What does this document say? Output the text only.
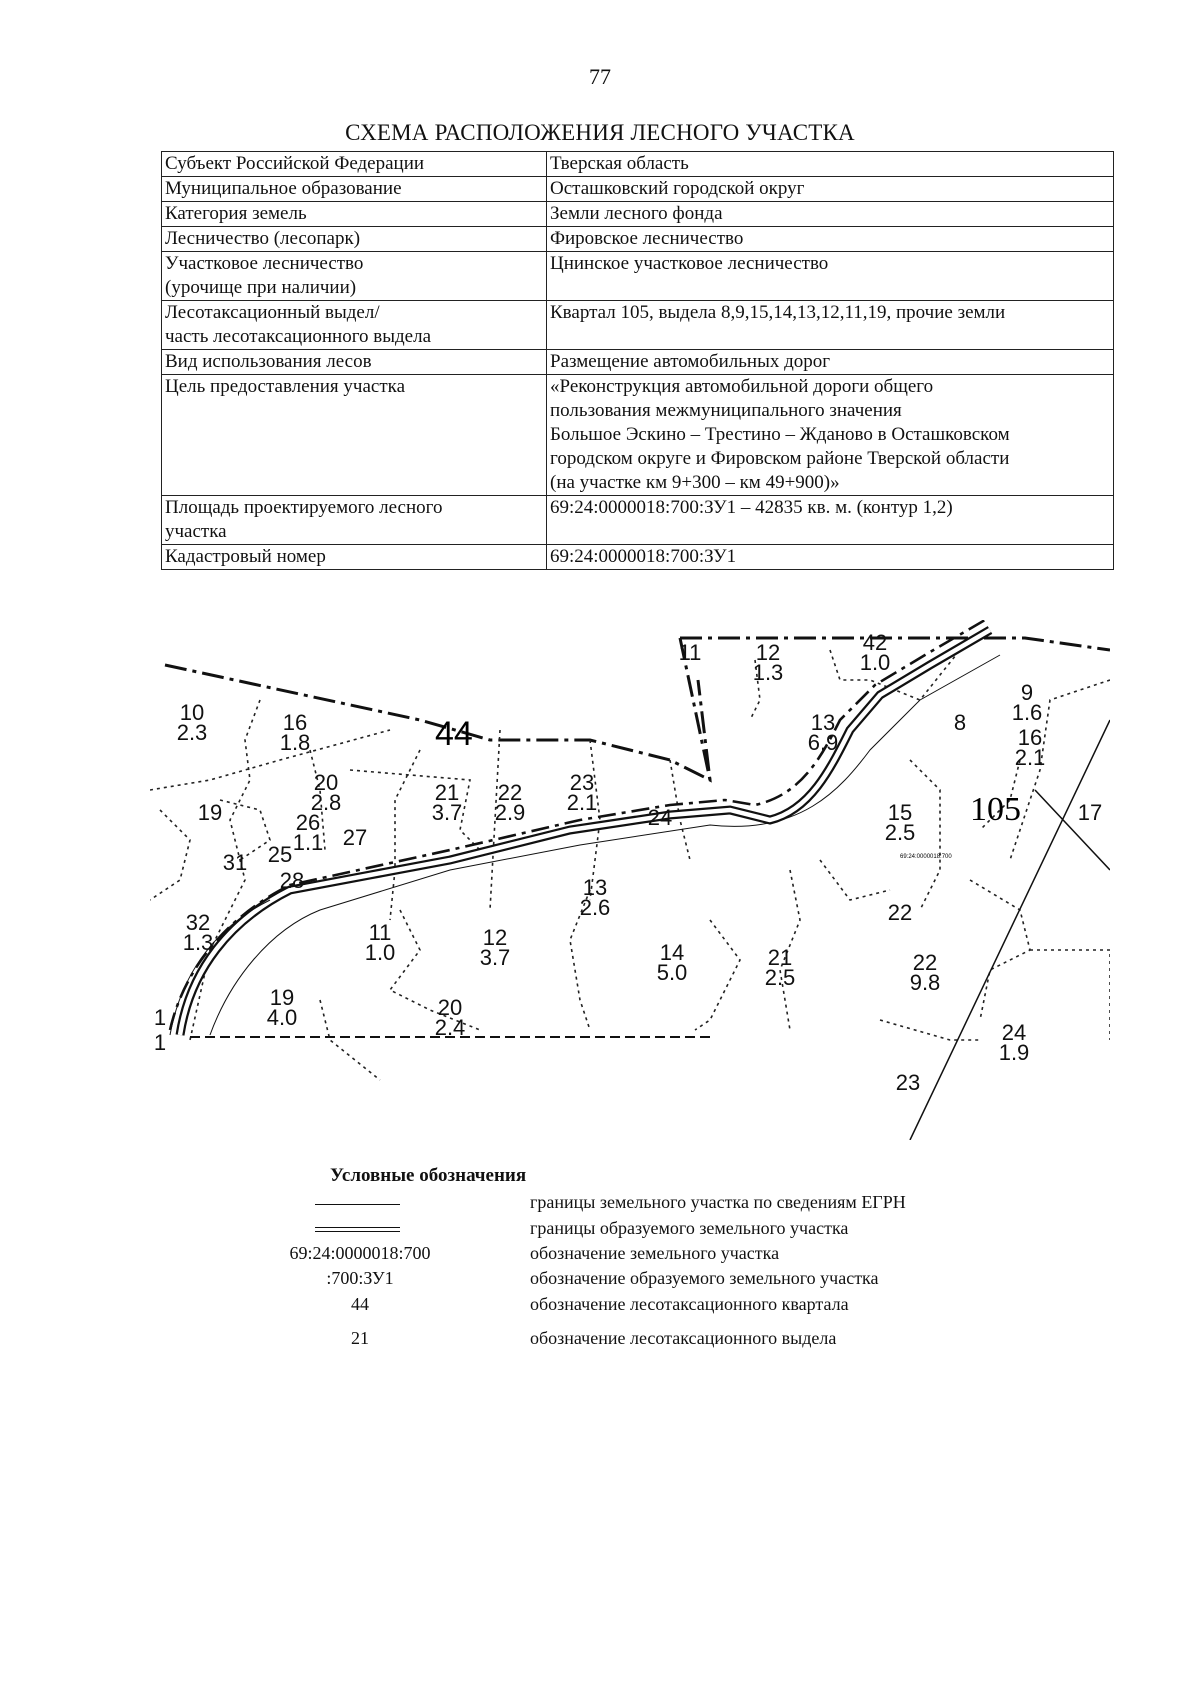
77
СХЕМА РАСПОЛОЖЕНИЯ ЛЕСНОГО УЧАСТКА
Субъект Российской Федерации	Тверская область
Муниципальное образование	Осташковский городской округ
Категория земель	Земли лесного фонда
Лесничество (лесопарк)	Фировское лесничество

Участковое лесничество
(урочище при наличии)	Цнинское участковое лесничество

Лесотаксационный выдел/
часть лесотаксационного выдела	Квартал 105, выдела 8,9,15,14,13,12,11,19, прочие земли
Вид использования лесов	Размещение автомобильных дорог
Цель предоставления участка	«Реконструкция автомобильной дороги общего
пользования межмуниципального значения
Большое Эскино – Трестино – Жданово в Осташковском
городском округе и Фировском районе Тверской области
(на участке км 9+300 – км 49+900)»

Площадь проектируемого лесного
участка	69:24:0000018:700:ЗУ1 – 42835 кв. м. (контур 1,2)
Кадастровый номер	69:24:0000018:700:ЗУ1
44
105
69:24:0000018:700
10
2.3	16
1.8
20
2.8
19	26
1.1 27
31 25
28
32
1.3
21
3.7
22
2.9
23
2.1
24
11 12
1.3
42
1.0
13
6.9
9
1.6
8
16
2.1
15
2.5
17
13
2.6
11
1.0
12
3.7	14
5.0
21
2.5
22
22
9.8
19
4.0	20
2.4	24
1.9
23
1
1
Условные обозначения
границы земельного участка по сведениям ЕГРН
границы образуемого земельного участка
69:24:0000018:700	обозначение земельного участка
:700:ЗУ1	обозначение образуемого земельного участка
44	обозначение лесотаксационного квартала
21	обозначение лесотаксационного выдела
